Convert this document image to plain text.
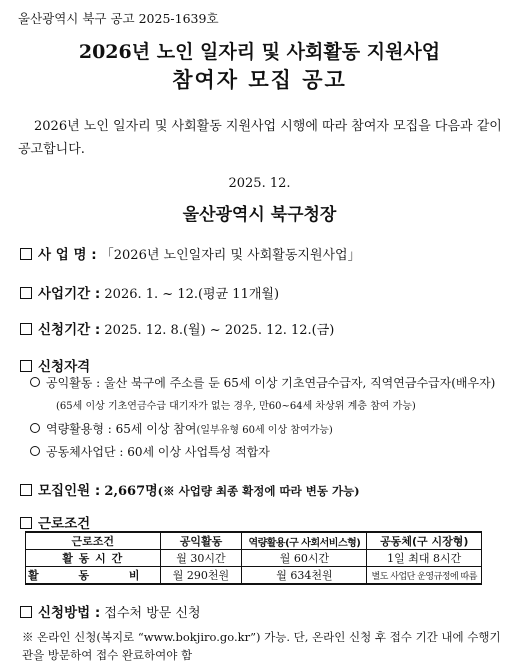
울산광역시 북구 공고 2025-1639호
2026년 노인 일자리 및 사회활동 지원사업
참여자 모집 공고
2026년 노인 일자리 및 사회활동 지원사업 시행에 따라 참여자 모집을 다음과 같이 공고합니다.
2025. 12.
울산광역시 북구청장
사 업 명 : 「2026년 노인일자리 및 사회활동지원사업」
사업기간 : 2026. 1. ~ 12.(평균 11개월)
신청기간 : 2025. 12. 8.(월) ~ 2025. 12. 12.(금)
신청자격
공익활동 : 울산 북구에 주소를 둔 65세 이상 기초연금수급자, 직역연금수급자(배우자)
(65세 이상 기초연금수급 대기자가 없는 경우, 만60~64세 차상위 계층 참여 가능)
역량활용형 : 65세 이상 참여(일부유형 60세 이상 참여가능)
공동체사업단 : 60세 이상 사업특성 적합자
모집인원 : 2,667명(※ 사업량 최종 확정에 따라 변동 가능)
근로조건
근로조건	공익활동	역량활용(구 사회서비스형)	공동체(구 시장형)
활 동 시 간	월 30시간	월 60시간	1일 최대 8시간
활 동 비	월 290천원	월 634천원	별도 사업단 운영규정에 따름
신청방법 : 접수처 방문 신청
※ 온라인 신청(복지로 “www.bokjiro.go.kr”) 가능. 단, 온라인 신청 후 접수 기간 내에 수행기관을 방문하여 접수 완료하여야 함
